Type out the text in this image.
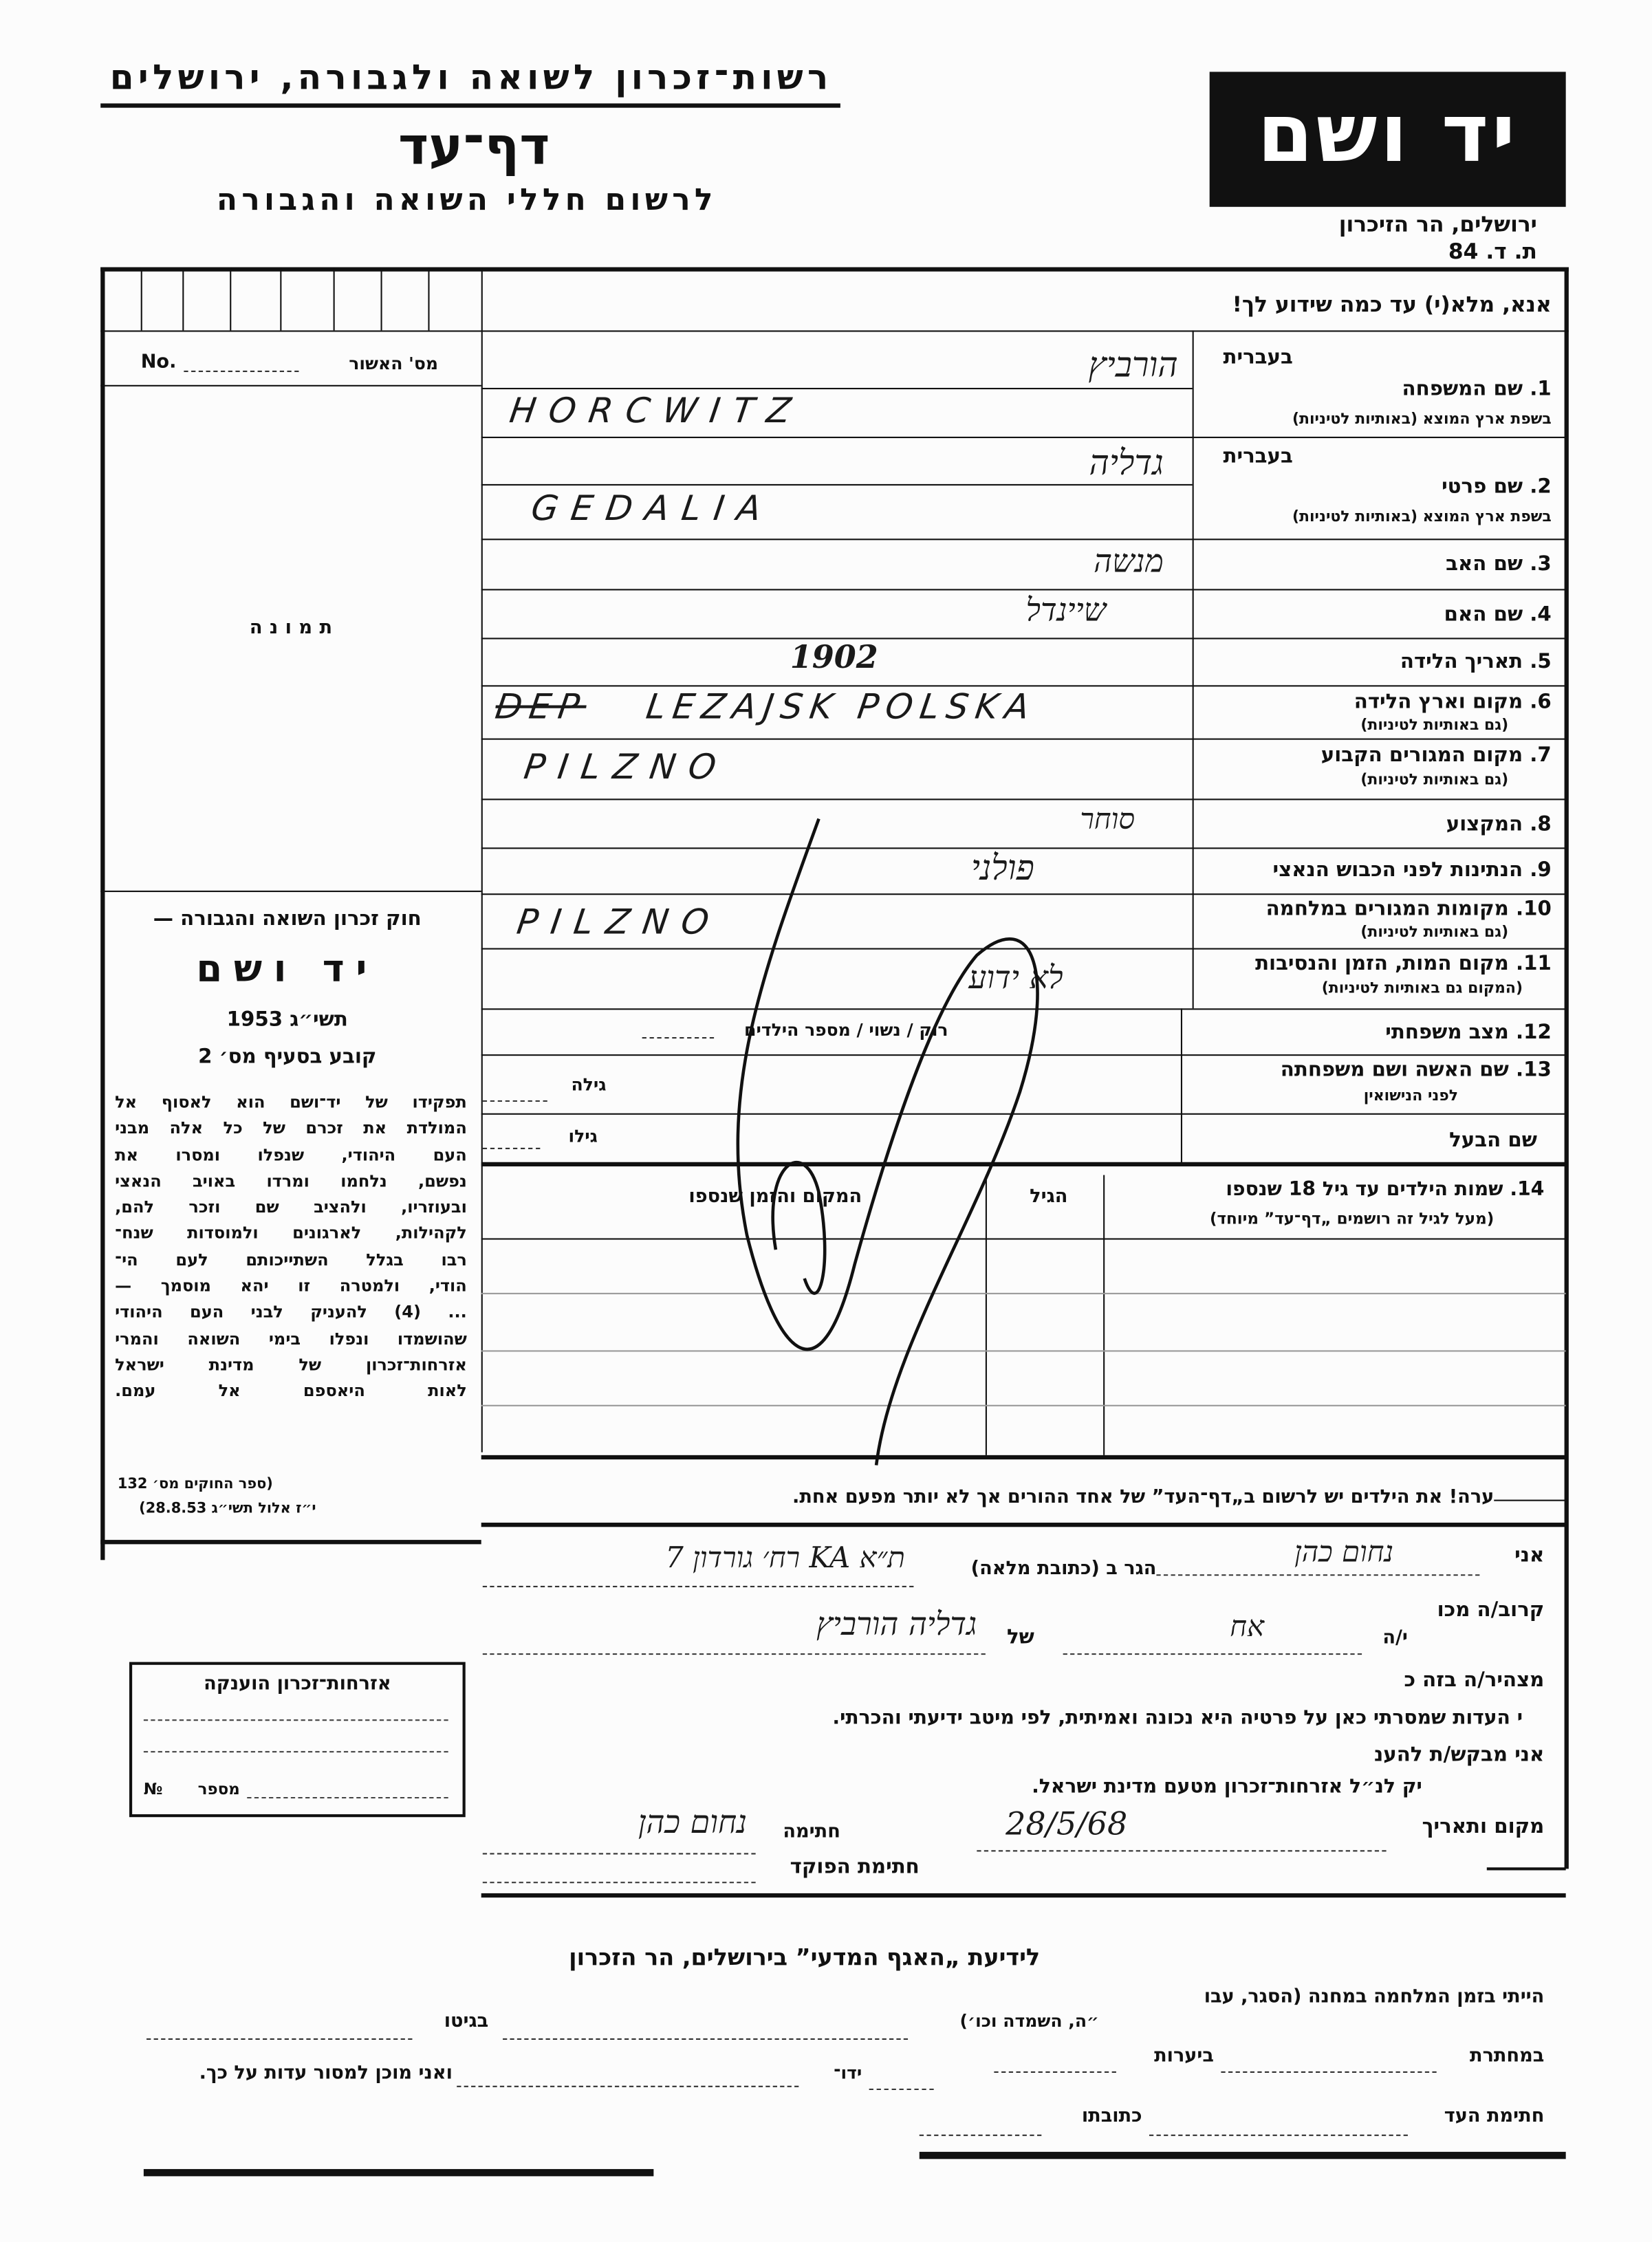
רשות־זכרון לשואה ולגבורה, ירושלים
דף־עד
לרשום חללי השואה והגבורה
יד ושם
ירושלים, הר הזיכרון
ת. ד. 84
אנא, מלא(י) עד כמה שידוע לך!
No.	מס' האשור
תמונה
בעברית
1. שם המשפחה
בשפת ארץ המוצא (באותיות לטיניות)
הורביץ
HORCWITZ
בעברית
2. שם פרטי
בשפת ארץ המוצא (באותיות לטיניות)
גדליה
GEDALIA
3. שם האב
מנשה
4. שם האם
שיינדל
5. תאריך הלידה
1902
6. מקום וארץ הלידה
(גם באותיות לטיניות)
DEP	LEZAJSK POLSKA
7. מקום המגורים הקבוע
(גם באותיות לטיניות)
PILZNO
8. המקצוע
סוחר
9. הנתינות לפני הכבוש הנאצי
פולני
10. מקומות המגורים במלחמה
(גם באותיות לטיניות)
PILZNO
11. מקום המות, הזמן והנסיבות
(המקום גם באותיות לטיניות)
לא ידוע
12. מצב משפחתי
רוק / נשוי / מספר הילדים
13. שם האשה ושם משפחתה
לפני הנישואין
גילה
שם הבעל
גילו
14. שמות הילדים עד גיל 18 שנספו
(מעל לגיל זה רושמים „דף־עד” מיוחד)
הגיל
המקום והזמן שנספו
חוק זכרון השואה והגבורה —
יד ושם
תשי״ג 1953
קובע בסעיף מס׳ 2
תפקידו של יד־ושם הוא לאסוף אל
המולדת את זכרם של כל אלה מבני
העם היהודי, שנפלו ומסרו את
נפשם, נלחמו ומרדו באויב הנאצי
ובעוזריו, ולהציב שם וזכר להם,
לקהילות, לארגונים ולמוסדות שנח־
רבו בגלל השתייכותם לעם הי־
הודי, ולמטרה זו יהא מוסמך —
... (4) להעניק לבני העם היהודי
שהושמדו ונפלו בימי השואה והמרי
אזרחות־זכרון של מדינת ישראל
לאות היאספם אל עמם.
(ספר החוקים מס׳ 132
י״ז אלול תשי״ג 28.8.53)
ערה! את הילדים יש לרשום ב„דף־העד” של אחד ההורים אך לא יותר מפעם אחת.
אני
נחום כהן
הגר ב (כתובת מלאה)
ת״א KA רח׳ גורדון 7
קרוב/ה מכו
י/ה
אח
של
גדליה הורביץ
מצהיר/ה בזה כ
י העדות שמסרתי כאן על פרטיה היא נכונה ואמיתית, לפי מיטב ידיעתי והכרתי.
אני מבקש/ת להענ
יק לנ״ל אזרחות־זכרון מטעם מדינת ישראל.
מקום ותאריך
28/5/68
חתימה
נחום כהן
חתימת הפוקד
אזרחות־זכרון הוענקה
№	מספר
לידיעת „האגף המדעי” בירושלים, הר הזכרון
הייתי בזמן המלחמה במחנה (הסגר, עבו
״ה, השמדה וכו׳)
בגיטו
במחתרת
ביערות
ידו־
ואני מוכן למסור עדות על כך.
חתימת העד
כתובתו
